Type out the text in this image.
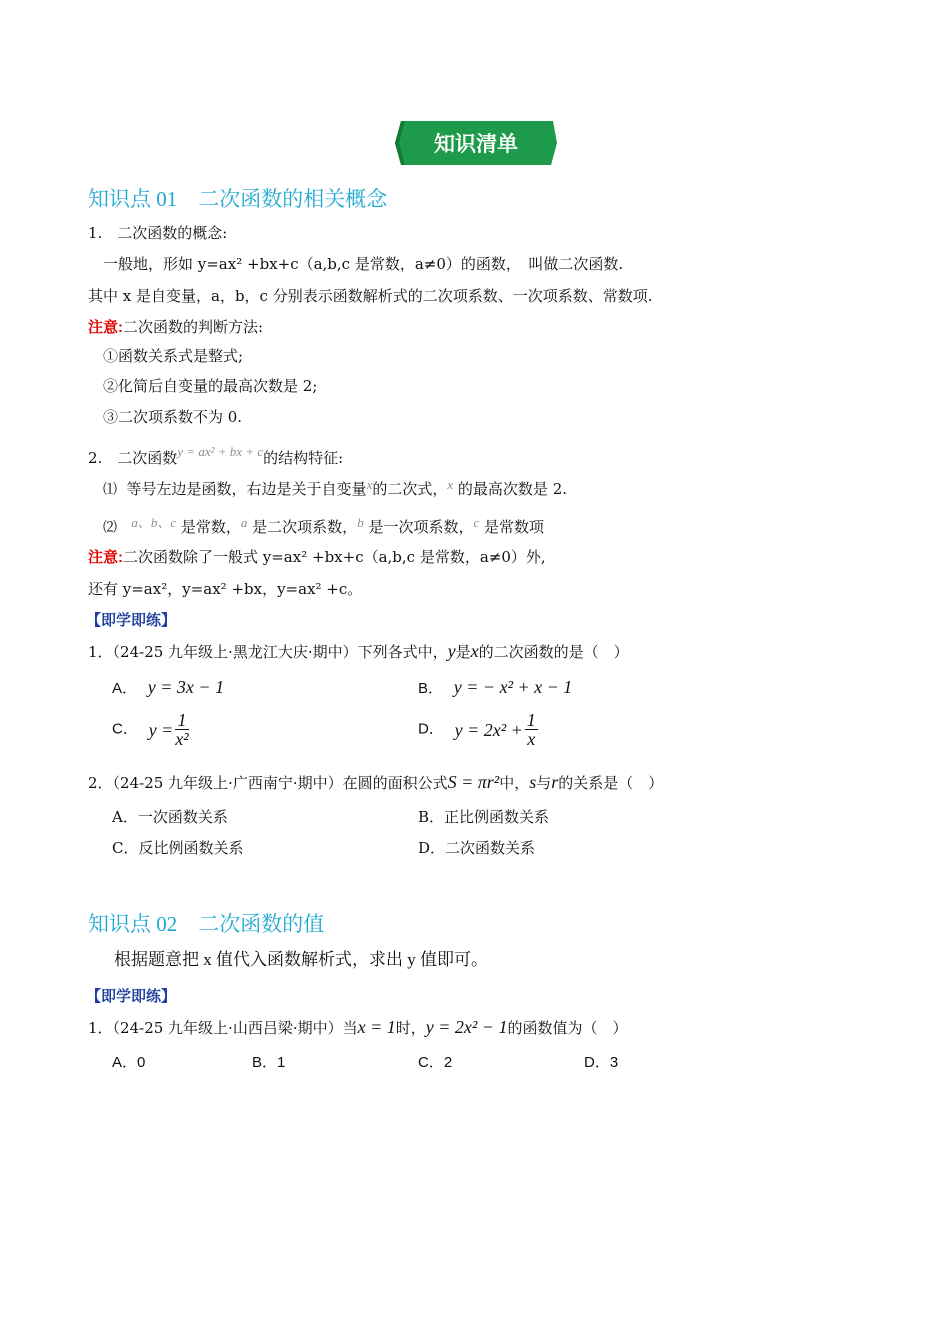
知识清单
知识点 01　二次函数的相关概念
1.　二次函数的概念:
一般地，形如 y=ax² +bx+c（a,b,c 是常数，a≠0）的函数，　叫做二次函数.
其中 x 是自变量，a，b，c 分别表示函数解析式的二次项系数、一次项系数、常数项.
注意:二次函数的判断方法:
①函数关系式是整式;
②化简后自变量的最高次数是 2;
③二次项系数不为 0.
2.　二次函数y = ax² + bx + c的结构特征:
⑴ 等号左边是函数，右边是关于自变量x的二次式，x 的最高次数是 2.
⑵ a、b、c 是常数，a 是二次项系数，b 是一次项系数，c 是常数项
注意:二次函数除了一般式 y=ax² +bx+c（a,b,c 是常数，a≠0）外,
还有 y=ax²，y=ax² +bx，y=ax² +c。
【即学即练】
1．（24-25 九年级上·黑龙江大庆·期中）下列各式中，y是x的二次函数的是（　）
A． y = 3x − 1	B． y = − x² + x − 1
C． $y = \frac{1}{\text{x²}}$	D． $y = 2x^2 + \frac{1}{x}$
2．（24-25 九年级上·广西南宁·期中）在圆的面积公式S = πr²中，s与r的关系是（　）
A．一次函数关系	B．正比例函数关系
C．反比例函数关系	D．二次函数关系
知识点 02　二次函数的值
根据题意把 x 值代入函数解析式，求出 y 值即可。
【即学即练】
1．（24-25 九年级上·山西吕梁·期中）当x = 1时，y = 2x² − 1的函数值为（　）
A．0	B．1	C．2	D．3
